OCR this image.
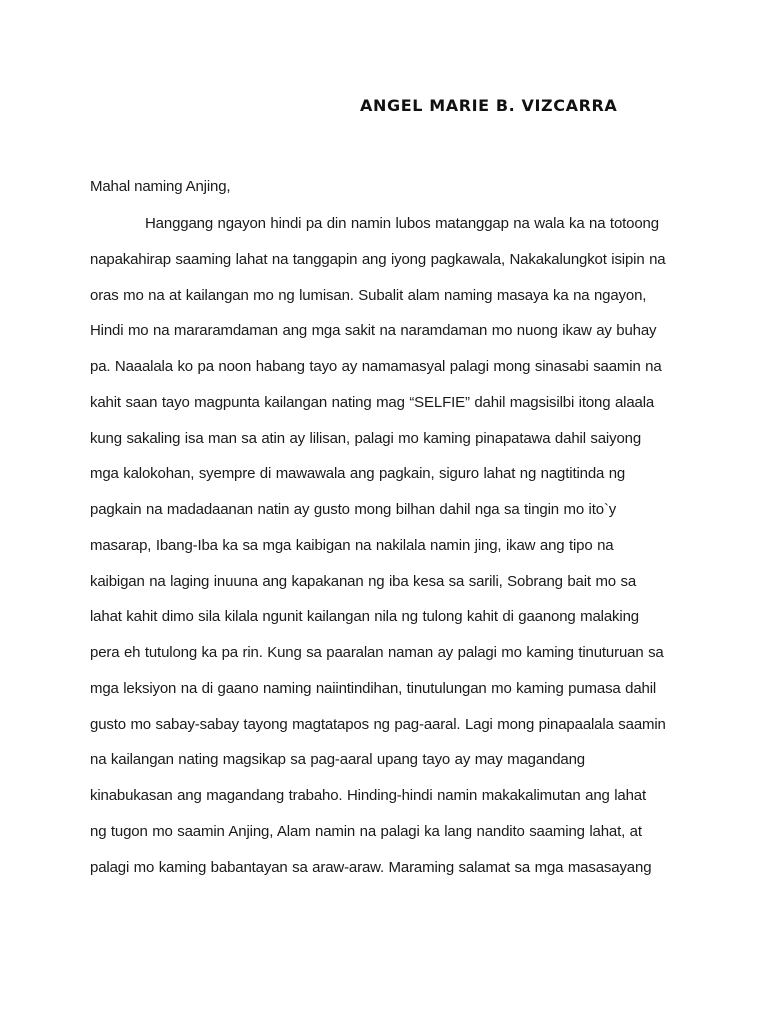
ANGEL MARIE B. VIZCARRA

Mahal naming Anjing,

Hanggang ngayon hindi pa din namin lubos matanggap na wala ka na totoong
napakahirap saaming lahat na tanggapin ang iyong pagkawala, Nakakalungkot isipin na
oras mo na at kailangan mo ng lumisan. Subalit alam naming masaya ka na ngayon,
Hindi mo na mararamdaman ang mga sakit na naramdaman mo nuong ikaw ay buhay
pa. Naaalala ko pa noon habang tayo ay namamasyal palagi mong sinasabi saamin na
kahit saan tayo magpunta kailangan nating mag “SELFIE” dahil magsisilbi itong alaala
kung sakaling isa man sa atin ay lilisan, palagi mo kaming pinapatawa dahil saiyong
mga kalokohan, syempre di mawawala ang pagkain, siguro lahat ng nagtitinda ng
pagkain na madadaanan natin ay gusto mong bilhan dahil nga sa tingin mo ito`y
masarap, Ibang-Iba ka sa mga kaibigan na nakilala namin jing, ikaw ang tipo na
kaibigan na laging inuuna ang kapakanan ng iba kesa sa sarili, Sobrang bait mo sa
lahat kahit dimo sila kilala ngunit kailangan nila ng tulong kahit di gaanong malaking
pera eh tutulong ka pa rin. Kung sa paaralan naman ay palagi mo kaming tinuturuan sa
mga leksiyon na di gaano naming naiintindihan, tinutulungan mo kaming pumasa dahil
gusto mo sabay-sabay tayong magtatapos ng pag-aaral. Lagi mong pinapaalala saamin
na kailangan nating magsikap sa pag-aaral upang tayo ay may magandang
kinabukasan ang magandang trabaho. Hinding-hindi namin makakalimutan ang lahat
ng tugon mo saamin Anjing, Alam namin na palagi ka lang nandito saaming lahat, at
palagi mo kaming babantayan sa araw-araw. Maraming salamat sa mga masasayang
